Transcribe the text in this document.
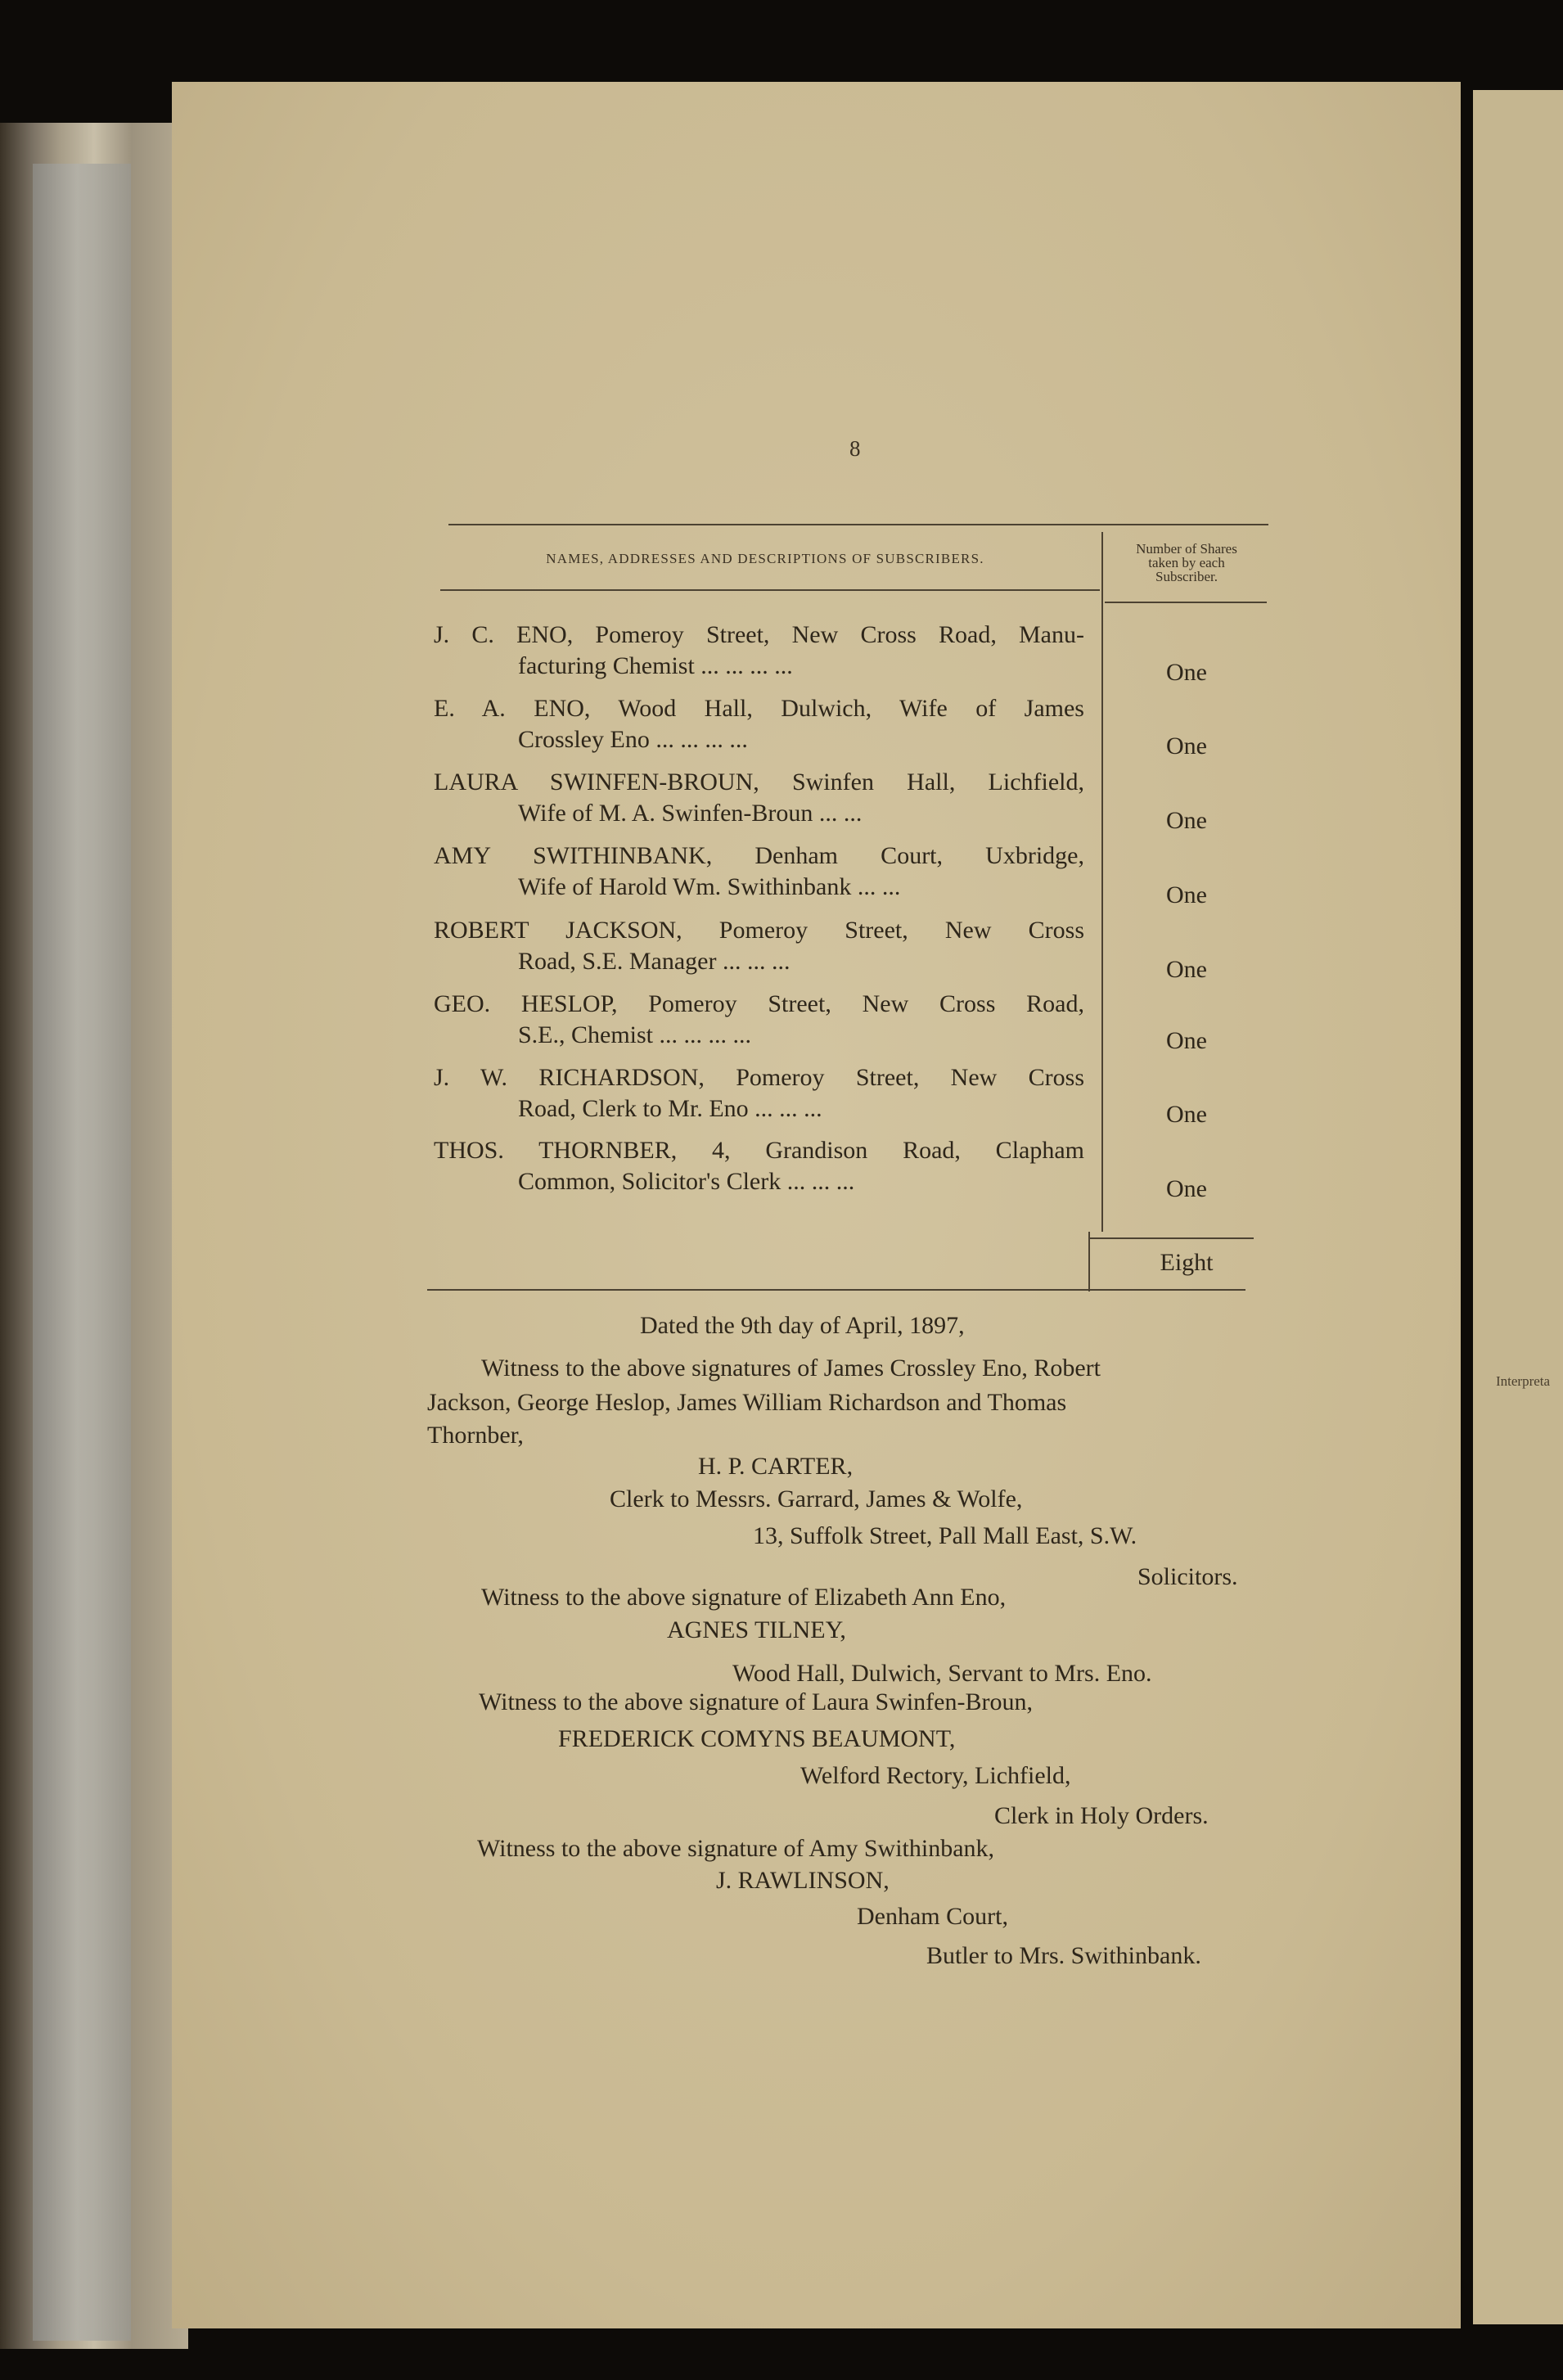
Interpreta
8
NAMES, ADDRESSES AND DESCRIPTIONS OF SUBSCRIBERS.
Number of Shares
taken by each
Subscriber.
J. C. ENO, Pomeroy Street, New Cross Road, Manu-
facturing Chemist ... ... ... ...	One
E. A. ENO, Wood Hall, Dulwich, Wife of James
Crossley Eno ... ... ... ...	One
LAURA SWINFEN-BROUN, Swinfen Hall, Lichfield,
Wife of M. A. Swinfen-Broun ... ...	One
AMY SWITHINBANK, Denham Court, Uxbridge,
Wife of Harold Wm. Swithinbank ... ...	One
ROBERT JACKSON, Pomeroy Street, New Cross
Road, S.E. Manager ... ... ...	One
GEO. HESLOP, Pomeroy Street, New Cross Road,
S.E., Chemist ... ... ... ...	One
J. W. RICHARDSON, Pomeroy Street, New Cross
Road, Clerk to Mr. Eno ... ... ...	One
THOS. THORNBER, 4, Grandison Road, Clapham
Common, Solicitor's Clerk ... ... ...	One
Eight
Dated the 9th day of April, 1897,
Witness to the above signatures of James Crossley Eno, Robert
Jackson, George Heslop, James William Richardson and Thomas
Thornber,
H. P. CARTER,
Clerk to Messrs. Garrard, James & Wolfe,
13, Suffolk Street, Pall Mall East, S.W.
Solicitors.
Witness to the above signature of Elizabeth Ann Eno,
AGNES TILNEY,
Wood Hall, Dulwich, Servant to Mrs. Eno.
Witness to the above signature of Laura Swinfen-Broun,
FREDERICK COMYNS BEAUMONT,
Welford Rectory, Lichfield,
Clerk in Holy Orders.
Witness to the above signature of Amy Swithinbank,
J. RAWLINSON,
Denham Court,
Butler to Mrs. Swithinbank.
